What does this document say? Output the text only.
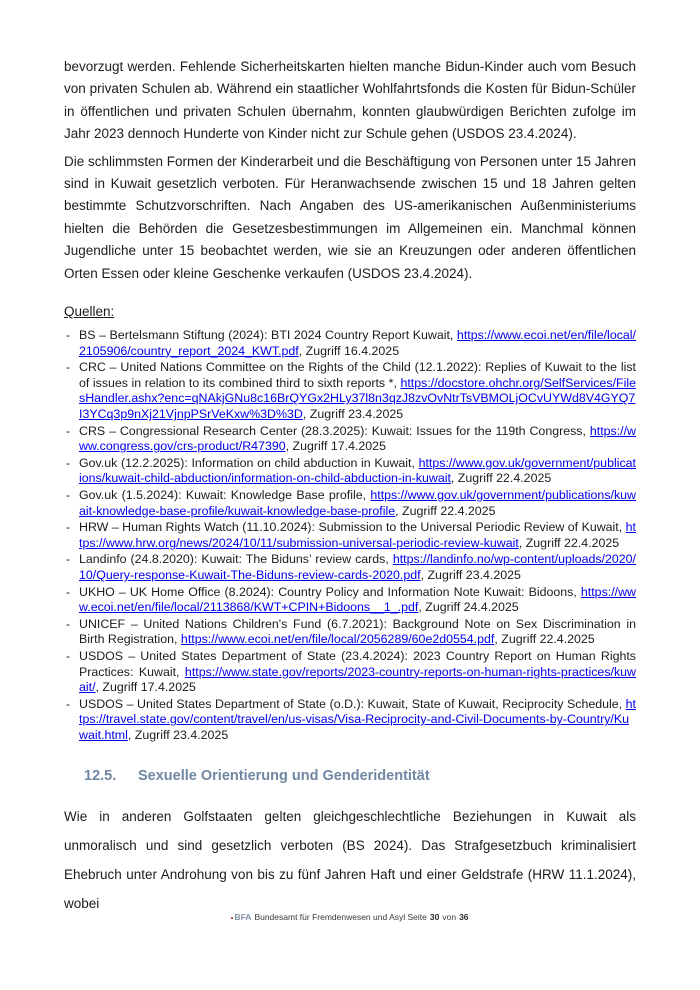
bevorzugt werden. Fehlende Sicherheitskarten hielten manche Bidun-Kinder auch vom Besuch von privaten Schulen ab. Während ein staatlicher Wohlfahrtsfonds die Kosten für Bidun-Schüler in öffentlichen und privaten Schulen übernahm, konnten glaubwürdigen Berichten zufolge im Jahr 2023 dennoch Hunderte von Kinder nicht zur Schule gehen (USDOS 23.4.2024).

Die schlimmsten Formen der Kinderarbeit und die Beschäftigung von Personen unter 15 Jahren sind in Kuwait gesetzlich verboten. Für Heranwachsende zwischen 15 und 18 Jahren gelten bestimmte Schutzvorschriften. Nach Angaben des US-amerikanischen Außenministeriums hielten die Behörden die Gesetzesbestimmungen im Allgemeinen ein. Manchmal können Jugendliche unter 15 beobachtet werden, wie sie an Kreuzungen oder anderen öffentlichen Orten Essen oder kleine Geschenke verkaufen (USDOS 23.4.2024).

Quellen:
- BS – Bertelsmann Stiftung (2024): BTI 2024 Country Report Kuwait, https://www.ecoi.net/en/file/local/2105906/country_report_2024_KWT.pdf, Zugriff 16.4.2025
- CRC – United Nations Committee on the Rights of the Child (12.1.2022): Replies of Kuwait to the list of issues in relation to its combined third to sixth reports *, https://docstore.ohchr.org/SelfServices/FilesHandler.ashx?enc=qNAkjGNu8c16BrQYGx2HLy37l8n3qzJ8zvOvNtrTsVBMOLjOCvUYWd8V4GYQ7I3YCq3p9nXj21VjnpPSrVeKxw%3D%3D, Zugriff 23.4.2025
- CRS – Congressional Research Center (28.3.2025): Kuwait: Issues for the 119th Congress, https://www.congress.gov/crs-product/R47390, Zugriff 17.4.2025
- Gov.uk (12.2.2025): Information on child abduction in Kuwait, https://www.gov.uk/government/publications/kuwait-child-abduction/information-on-child-abduction-in-kuwait, Zugriff 22.4.2025
- Gov.uk (1.5.2024): Kuwait: Knowledge Base profile, https://www.gov.uk/government/publications/kuwait-knowledge-base-profile/kuwait-knowledge-base-profile, Zugriff 22.4.2025
- HRW – Human Rights Watch (11.10.2024): Submission to the Universal Periodic Review of Kuwait, https://www.hrw.org/news/2024/10/11/submission-universal-periodic-review-kuwait, Zugriff 22.4.2025
- Landinfo (24.8.2020): Kuwait: The Biduns’ review cards, https://landinfo.no/wp-content/uploads/2020/10/Query-response-Kuwait-The-Biduns-review-cards-2020.pdf, Zugriff 23.4.2025
- UKHO – UK Home Office (8.2024): Country Policy and Information Note Kuwait: Bidoons, https://www.ecoi.net/en/file/local/2113868/KWT+CPIN+Bidoons__1_.pdf, Zugriff 24.4.2025
- UNICEF – United Nations Children's Fund (6.7.2021): Background Note on Sex Discrimination in Birth Registration, https://www.ecoi.net/en/file/local/2056289/60e2d0554.pdf, Zugriff 22.4.2025
- USDOS – United States Department of State (23.4.2024): 2023 Country Report on Human Rights Practices: Kuwait, https://www.state.gov/reports/2023-country-reports-on-human-rights-practices/kuwait/, Zugriff 17.4.2025
- USDOS – United States Department of State (o.D.): Kuwait, State of Kuwait, Reciprocity Schedule, https://travel.state.gov/content/travel/en/us-visas/Visa-Reciprocity-and-Civil-Documents-by-Country/Kuwait.html, Zugriff 23.4.2025
12.5.	Sexuelle Orientierung und Genderidentität

Wie in anderen Golfstaaten gelten gleichgeschlechtliche Beziehungen in Kuwait als unmoralisch und sind gesetzlich verboten (BS 2024). Das Strafgesetzbuch kriminalisiert Ehebruch unter Androhung von bis zu fünf Jahren Haft und einer Geldstrafe (HRW 11.1.2024), wobei

BFA Bundesamt für Fremdenwesen und Asyl Seite 30 von 36
